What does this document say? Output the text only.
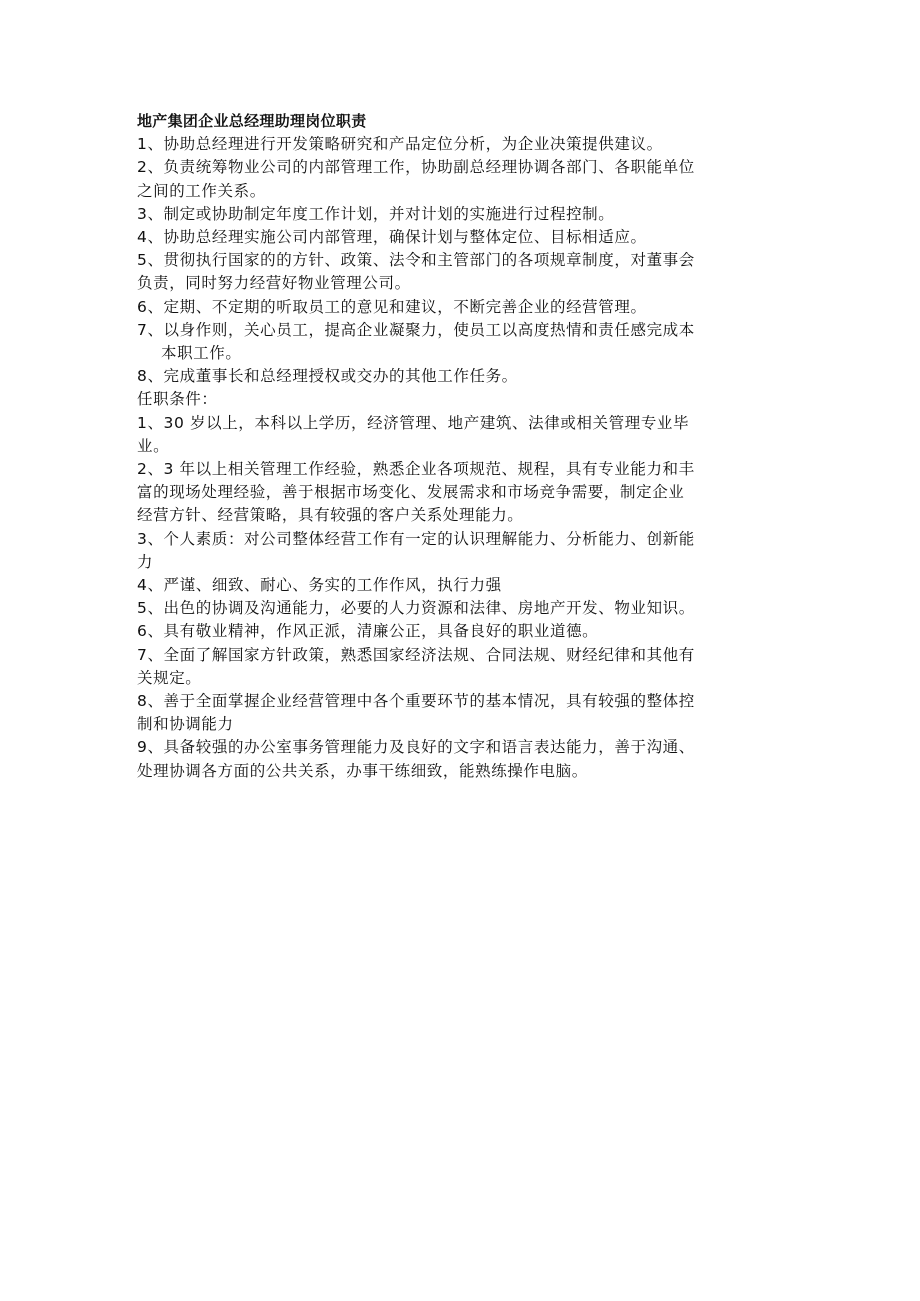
地产集团企业总经理助理岗位职责
1、协助总经理进行开发策略研究和产品定位分析，为企业决策提供建议。
2、负责统筹物业公司的内部管理工作，协助副总经理协调各部门、各职能单位
之间的工作关系。
3、制定或协助制定年度工作计划，并对计划的实施进行过程控制。
4、协助总经理实施公司内部管理，确保计划与整体定位、目标相适应。
5、贯彻执行国家的的方针、政策、法令和主管部门的各项规章制度，对董事会
负责，同时努力经营好物业管理公司。
6、定期、不定期的听取员工的意见和建议，不断完善企业的经营管理。
7、以身作则，关心员工，提高企业凝聚力，使员工以高度热情和责任感完成本
本职工作。
8、完成董事长和总经理授权或交办的其他工作任务。
任职条件：
1、30 岁以上，本科以上学历，经济管理、地产建筑、法律或相关管理专业毕
业。
2、3 年以上相关管理工作经验，熟悉企业各项规范、规程，具有专业能力和丰
富的现场处理经验，善于根据市场变化、发展需求和市场竞争需要，制定企业
经营方针、经营策略，具有较强的客户关系处理能力。
3、个人素质：对公司整体经营工作有一定的认识理解能力、分析能力、创新能
力
4、严谨、细致、耐心、务实的工作作风，执行力强
5、出色的协调及沟通能力，必要的人力资源和法律、房地产开发、物业知识。
6、具有敬业精神，作风正派，清廉公正，具备良好的职业道德。
7、全面了解国家方针政策，熟悉国家经济法规、合同法规、财经纪律和其他有
关规定。
8、善于全面掌握企业经营管理中各个重要环节的基本情况，具有较强的整体控
制和协调能力
9、具备较强的办公室事务管理能力及良好的文字和语言表达能力，善于沟通、
处理协调各方面的公共关系，办事干练细致，能熟练操作电脑。
